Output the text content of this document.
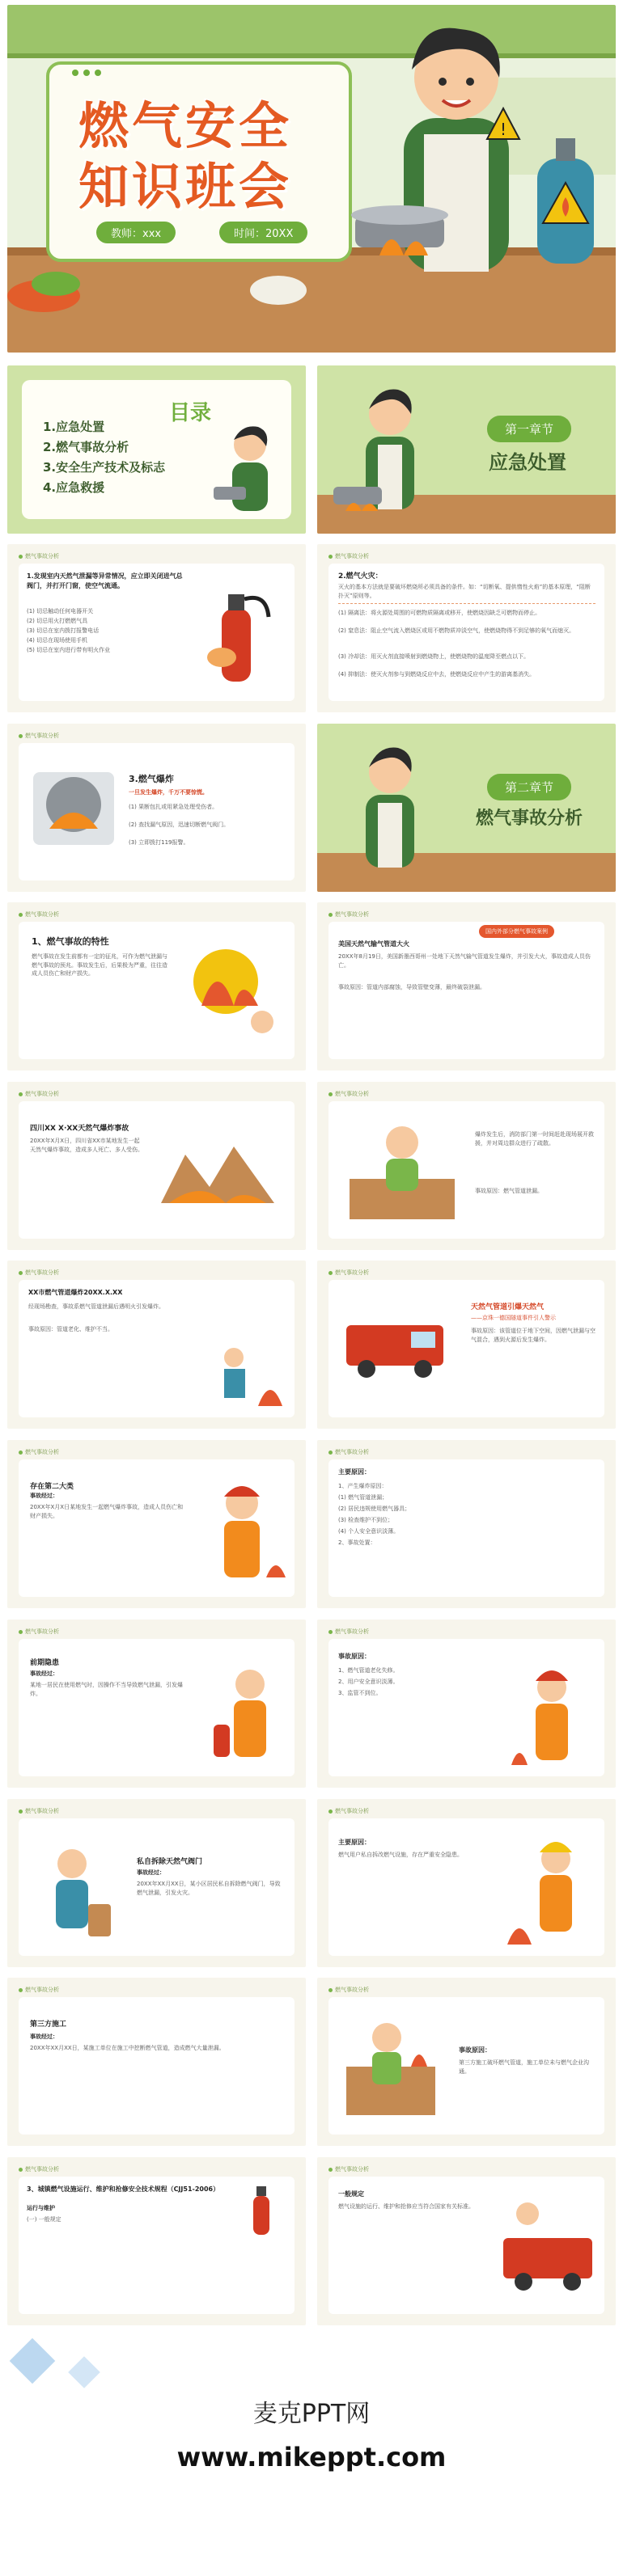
燃气安全
知识班会
教师：xxx	时间：20XX
!
目录
1.应急处置
2.燃气事故分析
3.安全生产技术及标志
4.应急救援
第一章节
应急处置
燃气事故分析
1.发现室内天然气泄漏等异常情况，应立即关闭进气总阀门，并打开门窗，使空气流通。
(1) 切忌触动任何电器开关
(2) 切忌用火打燃燃气具
(3) 切忌在室内拨打报警电话
(4) 切忌在现场使用手机
(5) 切忌在室内进行带有明火作业
燃气事故分析
2.燃气火灾：
灭火的基本方法就是要破坏燃烧所必须具备的条件。如：“切断氧、提供惰性火焰”的基本原理，“阻断扑灭”原则等。
(1) 隔离法：将火源处周围的可燃物质隔离或移开，使燃烧因缺乏可燃物而停止。
(2) 窒息法：阻止空气流入燃烧区或用不燃物质冲淡空气，使燃烧物得不到足够的氧气而熄灭。
(3) 冷却法：用灭火剂直接喷射到燃烧物上，使燃烧物的温度降至燃点以下。
(4) 抑制法：使灭火剂参与到燃烧反应中去，使燃烧反应中产生的游离基消失。
燃气事故分析
3.燃气爆炸
一旦发生爆炸，千万不要惊慌。
(1) 果断包扎或用紧急处理受伤者。
(2) 查找漏气原因，迅速切断燃气阀门。
(3) 立即拨打119报警。
第二章节
燃气事故分析
燃气事故分析
1、燃气事故的特性
燃气事故在发生前都有一定的征兆，可作为燃气泄漏与燃气事故的预兆。事故发生后，后果极为严重，往往造成人员伤亡和财产损失。
燃气事故分析
国内外部分燃气事故案例
美国天然气输气管道大火
20XX年8月19日，美国新墨西哥州一处地下天然气输气管道发生爆炸，并引发大火，事故造成人员伤亡。
事故原因：管道内部腐蚀，导致管壁变薄，最终破裂泄漏。
燃气事故分析
四川XX X·XX天然气爆炸事故
20XX年X月X日，四川省XX市某地发生一起天然气爆炸事故，造成多人死亡、多人受伤。
燃气事故分析
爆炸发生后，消防部门第一时间赶赴现场展开救援，并对周边群众进行了疏散。
事故原因：燃气管道泄漏。
燃气事故分析
XX市燃气管道爆炸20XX.X.XX
经现场勘查，事故系燃气管道泄漏后遇明火引发爆炸。
事故原因：管道老化、维护不当。
燃气事故分析
天然气管道引爆天然气
——京珠一德国隧道事件引人警示
事故原因：该管道位于地下空间，因燃气泄漏与空气混合，遇到火源后发生爆炸。
燃气事故分析
存在第二大类
事故经过：
20XX年X月X日某地发生一起燃气爆炸事故，造成人员伤亡和财产损失。
燃气事故分析
主要原因：
1、产生爆炸原因：
(1) 燃气管道泄漏；
(2) 居民违规使用燃气器具；
(3) 检查维护不到位；
(4) 个人安全意识淡薄。
2、事故处置：
燃气事故分析
前期隐患
事故经过：
某地一居民在使用燃气时，因操作不当导致燃气泄漏，引发爆炸。
燃气事故分析
事故原因：
1、燃气管道老化失修。
2、用户安全意识淡薄。
3、监管不到位。
燃气事故分析
私自拆除天然气阀门
事故经过：
20XX年XX月XX日，某小区居民私自拆除燃气阀门，导致燃气泄漏，引发火灾。
燃气事故分析
主要原因：
燃气用户私自拆改燃气设施，存在严重安全隐患。
燃气事故分析
第三方施工
事故经过：
20XX年XX月XX日，某施工单位在施工中挖断燃气管道，造成燃气大量泄漏。
燃气事故分析
事故原因：
第三方施工破坏燃气管道，施工单位未与燃气企业沟通。
燃气事故分析
3、城镇燃气设施运行、维护和抢修安全技术规程（CJJ51-2006）
运行与维护
(一) 一般规定
燃气事故分析
一般规定
燃气设施的运行、维护和抢修应当符合国家有关标准。
麦克PPT网
www.mikeppt.com
